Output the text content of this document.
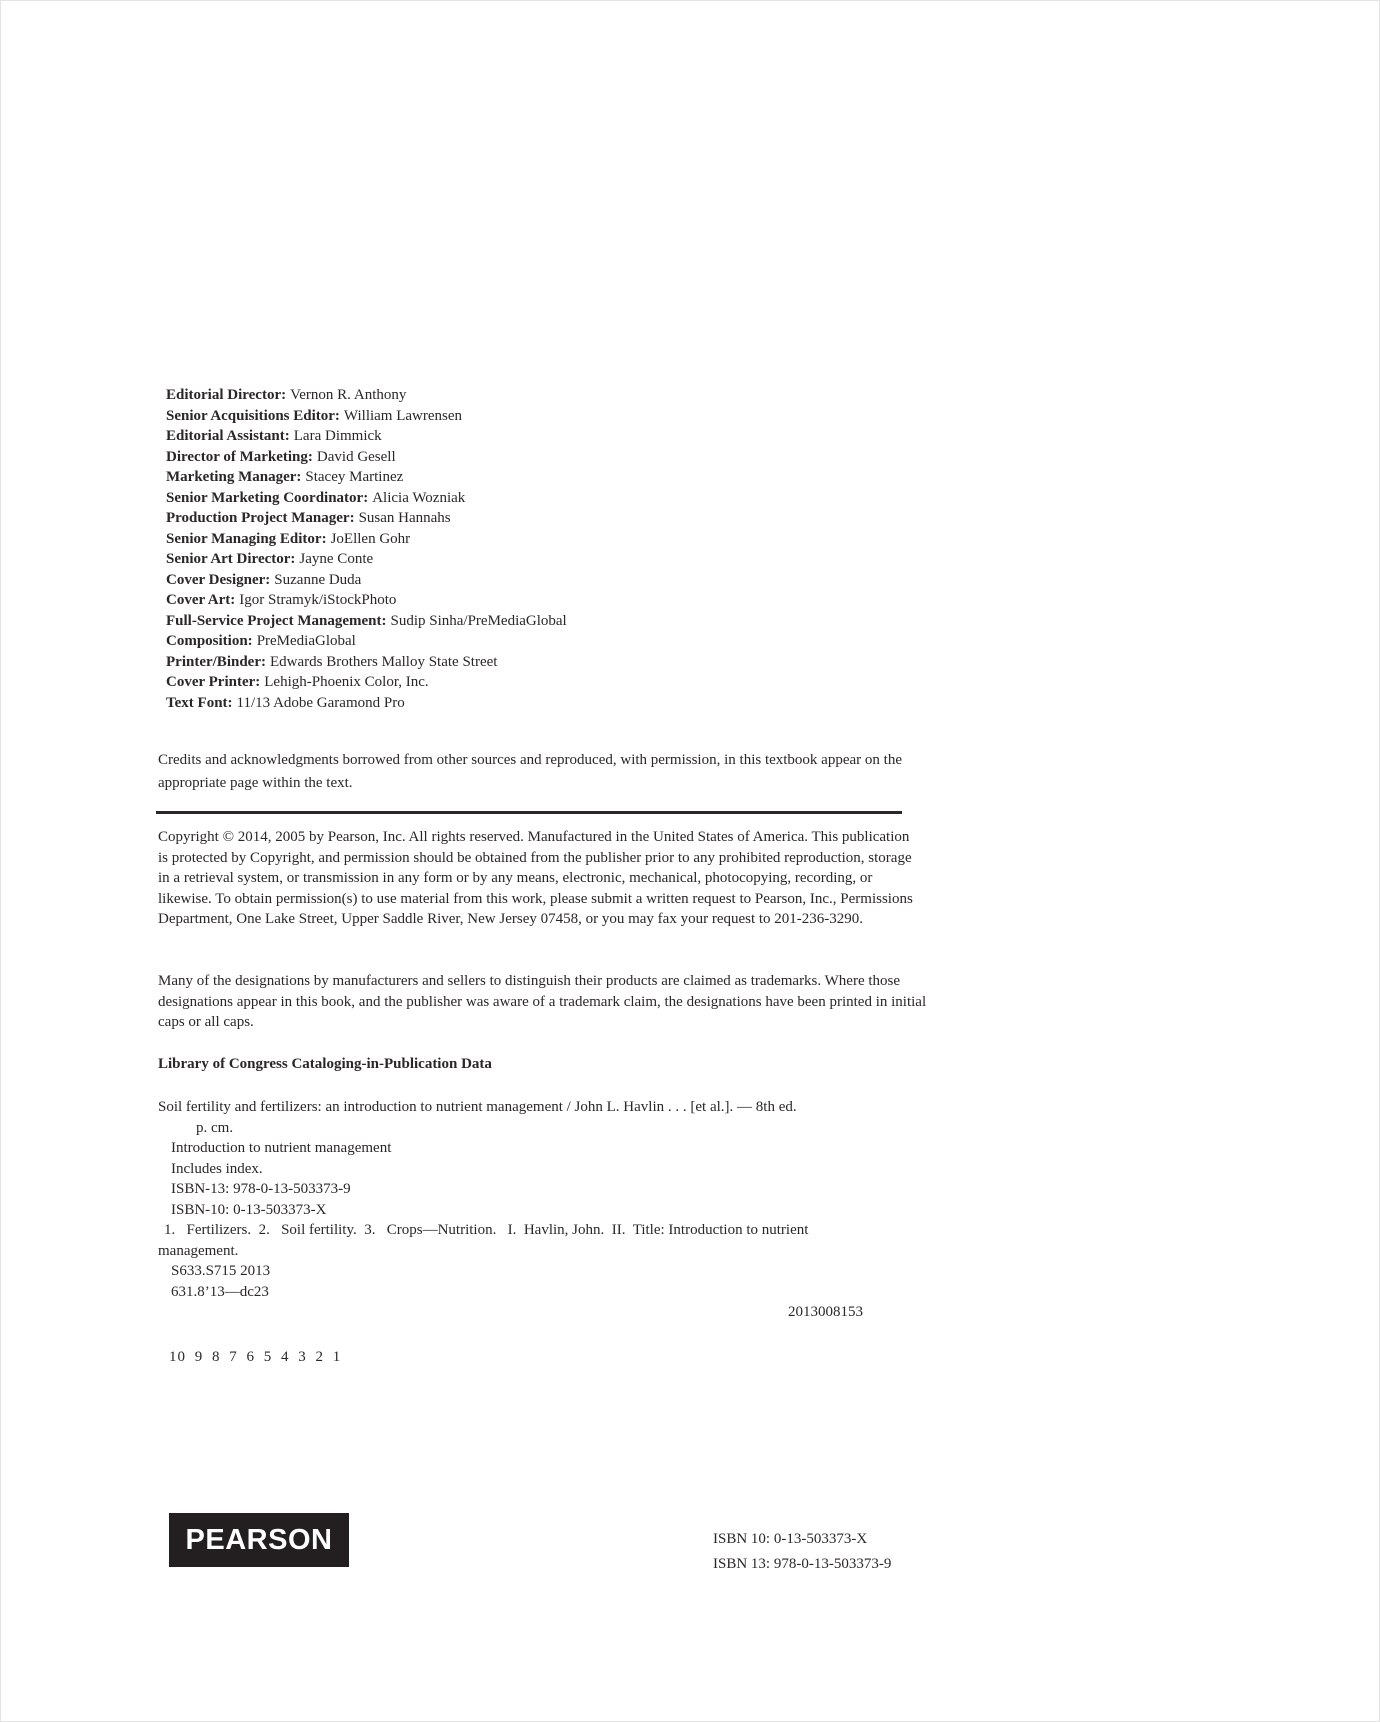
Editorial Director: Vernon R. Anthony
Senior Acquisitions Editor: William Lawrensen
Editorial Assistant: Lara Dimmick
Director of Marketing: David Gesell
Marketing Manager: Stacey Martinez
Senior Marketing Coordinator: Alicia Wozniak
Production Project Manager: Susan Hannahs
Senior Managing Editor: JoEllen Gohr
Senior Art Director: Jayne Conte
Cover Designer: Suzanne Duda
Cover Art: Igor Stramyk/iStockPhoto
Full-Service Project Management: Sudip Sinha/PreMediaGlobal
Composition: PreMediaGlobal
Printer/Binder: Edwards Brothers Malloy State Street
Cover Printer: Lehigh-Phoenix Color, Inc.
Text Font: 11/13 Adobe Garamond Pro

Credits and acknowledgments borrowed from other sources and reproduced, with permission, in this textbook appear on the appropriate page within the text.

Copyright © 2014, 2005 by Pearson, Inc. All rights reserved. Manufactured in the United States of America. This publication is protected by Copyright, and permission should be obtained from the publisher prior to any prohibited reproduction, storage in a retrieval system, or transmission in any form or by any means, electronic, mechanical, photocopying, recording, or likewise. To obtain permission(s) to use material from this work, please submit a written request to Pearson, Inc., Permissions Department, One Lake Street, Upper Saddle River, New Jersey 07458, or you may fax your request to 201-236-3290.

Many of the designations by manufacturers and sellers to distinguish their products are claimed as trademarks. Where those designations appear in this book, and the publisher was aware of a trademark claim, the designations have been printed in initial caps or all caps.

Library of Congress Cataloging-in-Publication Data
Soil fertility and fertilizers: an introduction to nutrient management / John L. Havlin . . . [et al.]. — 8th ed.
p. cm.
Introduction to nutrient management
Includes index.
ISBN-13: 978-0-13-503373-9
ISBN-10: 0-13-503373-X
1.   Fertilizers.  2.   Soil fertility.  3.   Crops—Nutrition.   I.  Havlin, John.  II.  Title: Introduction to nutrient
management.
S633.S715 2013
631.8’13—dc23
2013008153
10 9 8 7 6 5 4 3 2 1
PEARSON	ISBN 10: 0-13-503373-X
ISBN 13: 978-0-13-503373-9
